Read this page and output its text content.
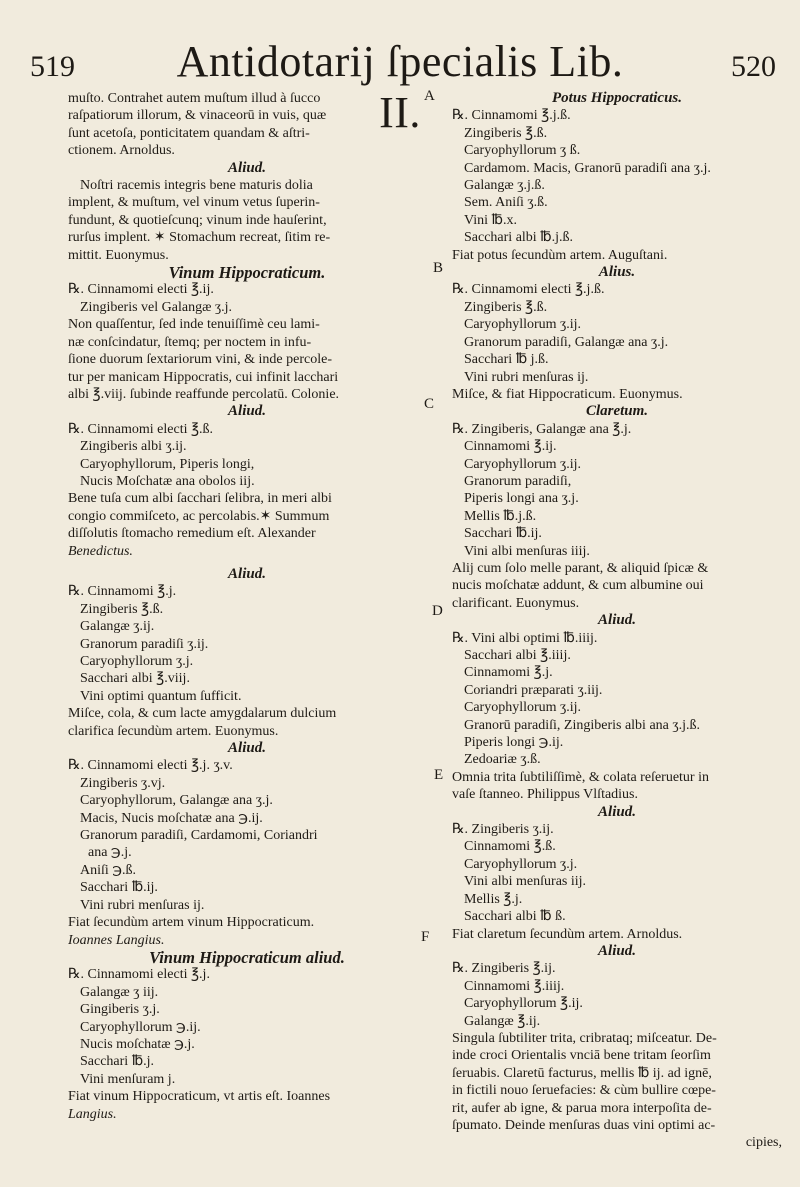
519	Antidotarij ſpecialis Lib. II.
520
A
B
C
D
E
F
muſto. Contrahet autem muſtum illud à ſucco
raſpatiorum illorum, & vinaceorū in vuis, quæ
ſunt acetoſa, ponticitatem quandam & aſtri-
ctionem. Arnoldus.
Aliud.
Noſtri racemis integris bene maturis dolia
implent, & muſtum, vel vinum vetus ſuperin-
fundunt, & quotieſcunq; vinum inde hauſerint,
rurſus implent. ✶ Stomachum recreat, ſitim re-
mittit. Euonymus.
Vinum Hippocraticum.
℞. Cinnamomi electi ℥.ij.
Zingiberis vel Galangæ ʒ.j.
Non quaſſentur, ſed inde tenuiſſimè ceu lami-
næ conſcindatur, ſtemq; per noctem in infu-
ſione duorum ſextariorum vini, & inde percole-
tur per manicam Hippocratis, cui infinit lacchari
albi ℥.viij. ſubinde reaffunde percolatū. Colonie.
Aliud.
℞. Cinnamomi electi ℥.ß.
Zingiberis albi ʒ.ij.
Caryophyllorum, Piperis longi,
Nucis Moſchatæ ana obolos iij.
Bene tuſa cum albi ſacchari ſelibra, in meri albi
congio commiſceto, ac percolabis.✶ Summum
diſſolutis ſtomacho remedium eſt. Alexander
Benedictus.
Aliud.
℞. Cinnamomi ℥.j.
Zingiberis ℥.ß.
Galangæ ʒ.ij.
Granorum paradiſi ʒ.ij.
Caryophyllorum ʒ.j.
Sacchari albi ℥.viij.
Vini optimi quantum ſufficit.
Miſce, cola, & cum lacte amygdalarum dulcium
clarifica ſecundùm artem. Euonymus.
Aliud.
℞. Cinnamomi electi ℥.j. ʒ.v.
Zingiberis ʒ.vj.
Caryophyllorum, Galangæ ana ʒ.j.
Macis, Nucis moſchatæ ana ℈.ij.
Granorum paradiſi, Cardamomi, Coriandri
ana ℈.j.
Aniſi ℈.ß.
Sacchari ℔.ij.
Vini rubri menſuras ij.
Fiat ſecundùm artem vinum Hippocraticum.
Ioannes Langius.
Vinum Hippocraticum aliud.
℞. Cinnamomi electi ℥.j.
Galangæ ʒ iij.
Gingiberis ʒ.j.
Caryophyllorum ℈.ij.
Nucis moſchatæ ℈.j.
Sacchari ℔.j.
Vini menſuram j.
Fiat vinum Hippocraticum, vt artis eſt. Ioannes
Langius.
Potus Hippocraticus.
℞. Cinnamomi ℥.j.ß.
Zingiberis ℥.ß.
Caryophyllorum ʒ ß.
Cardamom. Macis, Granorū paradiſi ana ʒ.j.
Galangæ ʒ.j.ß.
Sem. Aniſi ʒ.ß.
Vini ℔.x.
Sacchari albi ℔.j.ß.
Fiat potus ſecundùm artem. Auguſtani.
Alius.
℞. Cinnamomi electi ℥.j.ß.
Zingiberis ℥.ß.
Caryophyllorum ʒ.ij.
Granorum paradiſi, Galangæ ana ʒ.j.
Sacchari ℔ j.ß.
Vini rubri menſuras ij.
Miſce, & fiat Hippocraticum. Euonymus.
Claretum.
℞. Zingiberis, Galangæ ana ℥.j.
Cinnamomi ℥.ij.
Caryophyllorum ʒ.ij.
Granorum paradiſi,
Piperis longi ana ʒ.j.
Mellis ℔.j.ß.
Sacchari ℔.ij.
Vini albi menſuras iiij.
Alij cum ſolo melle parant, & aliquid ſpicæ &
nucis moſchatæ addunt, & cum albumine oui
clarificant. Euonymus.
Aliud.
℞. Vini albi optimi ℔.iiij.
Sacchari albi ℥.iiij.
Cinnamomi ℥.j.
Coriandri præparati ʒ.iij.
Caryophyllorum ʒ.ij.
Granorū paradiſi, Zingiberis albi ana ʒ.j.ß.
Piperis longi ℈.ij.
Zedoariæ ʒ.ß.
Omnia trita ſubtiliſſimè, & colata reſeruetur in
vaſe ſtanneo. Philippus Vlſtadius.
Aliud.
℞. Zingiberis ʒ.ij.
Cinnamomi ℥.ß.
Caryophyllorum ʒ.j.
Vini albi menſuras iij.
Mellis ℥.j.
Sacchari albi ℔ ß.
Fiat claretum ſecundùm artem. Arnoldus.
Aliud.
℞. Zingiberis ℥.ij.
Cinnamomi ℥.iiij.
Caryophyllorum ℥.ij.
Galangæ ℥.ij.
Singula ſubtiliter trita, cribrataq; miſceatur. De-
inde croci Orientalis vnciā bene tritam ſeorſim
ſeruabis. Claretū facturus, mellis ℔ ij. ad ignē,
in fictili nouo ſeruefacies: & cùm bullire cœpe-
rit, aufer ab igne, & parua mora interpoſita de-
ſpumato. Deinde menſuras duas vini optimi ac-
cipies,
